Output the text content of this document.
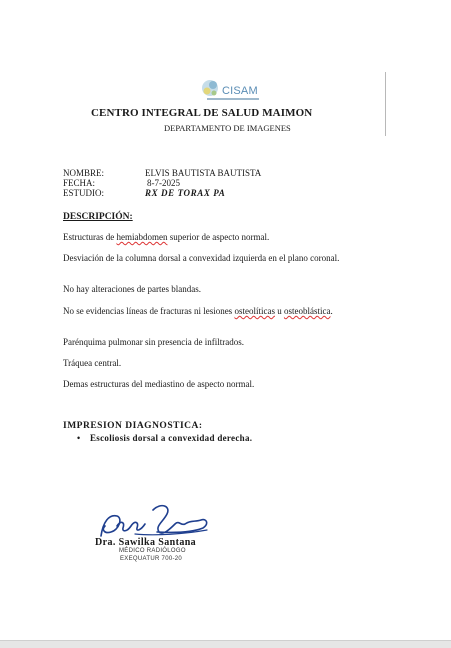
CISAM
CENTRO INTEGRAL DE SALUD MAIMON
DEPARTAMENTO DE IMAGENES
NOMBRE:	ELVIS BAUTISTA BAUTISTA
FECHA:	8-7-2025
ESTUDIO:	RX DE TORAX PA
DESCRIPCIÓN:
Estructuras de hemiabdomen superior de aspecto normal.
Desviación de la columna dorsal a convexidad izquierda en el plano coronal.
No hay alteraciones de partes blandas.
No se evidencias líneas de fracturas ni lesiones osteolíticas u osteoblástica.
Parénquima pulmonar sin presencia de infiltrados.
Tráquea central.
Demas estructuras del mediastino de aspecto normal.
IMPRESION DIAGNOSTICA:
• Escoliosis dorsal a convexidad derecha.
Dra. Sawilka Santana
MÉDICO RADIÓLOGO
EXEQUATUR 700-20
